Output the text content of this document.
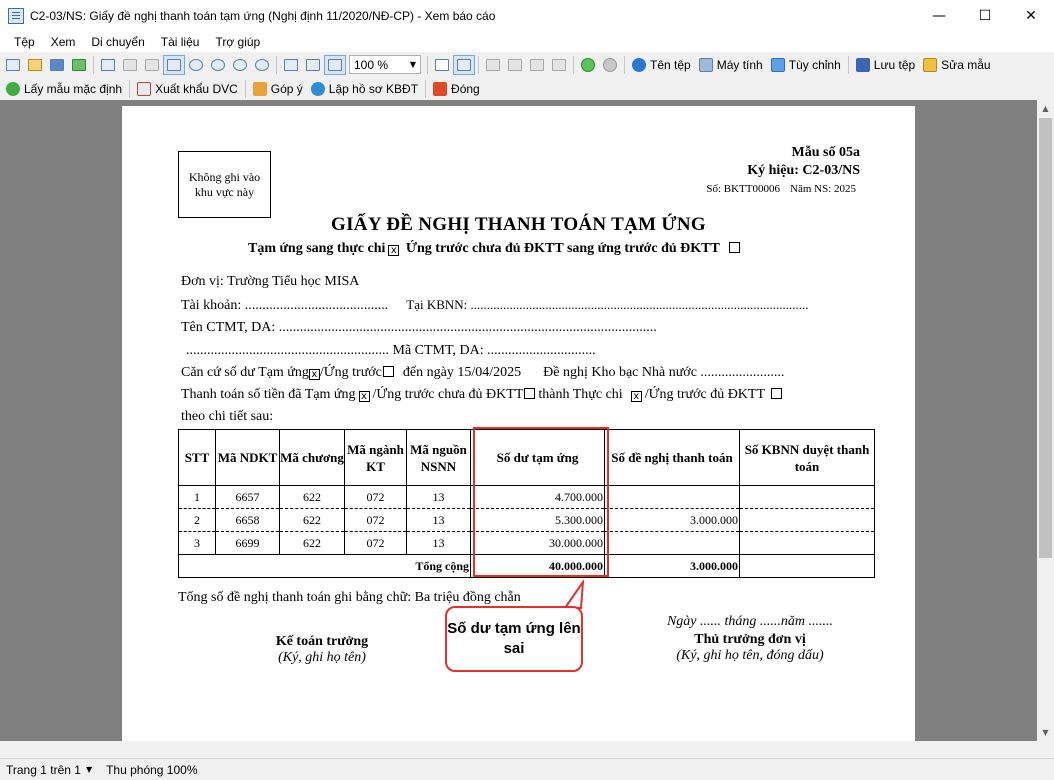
C2-03/NS: Giấy đề nghị thanh toán tạm ứng (Nghị định 11/2020/NĐ-CP) - Xem báo cáo	—	☐	✕
Tệp	Xem	Di chuyển	Tài liệu	Trợ giúp
100 %	▼	Tên tệp Máy tính Tùy chỉnh	Lưu tệp Sửa mẫu
Lấy mẫu mặc định	Xuất khẩu DVC	Góp ý Lập hồ sơ KBĐT	Đóng
Không ghi vào khu vực này
Mẫu số 05a
Ký hiệu: C2-03/NS
Số: BKTT00006 Năm NS: 2025
GIẤY ĐỀ NGHỊ THANH TOÁN TẠM ỨNG
Tạm ứng sang thực chi x Ứng trước chưa đủ ĐKTT sang ứng trước đủ ĐKTT
Đơn vị: Trường Tiểu học MISA
Tài khoản: ......................................... Tại KBNN: ........................................................................................................
Tên CTMT, DA: ............................................................................................................
.......................................................... Mã CTMT, DA: ...............................
Căn cứ số dư Tạm ứng x /Ứng trước đến ngày 15/04/2025 Đề nghị Kho bạc Nhà nước ........................
Thanh toán số tiền đã Tạm ứng x /Ứng trước chưa đủ ĐKTT thành Thực chi x /Ứng trước đủ ĐKTT
theo chi tiết sau:
STT	Mã NDKT	Mã chương	Mã ngành KT	Mã nguồn NSNN	Số dư tạm ứng	Số đề nghị thanh toán	Số KBNN duyệt thanh toán
1	6657	622	072	13	4.700.000		
2	6658	622	072	13	5.300.000	3.000.000	
3	6699	622	072	13	30.000.000		
Tổng cộng					40.000.000	3.000.000	
Tổng số đề nghị thanh toán ghi bằng chữ: Ba triệu đồng chẵn
Ngày ...... tháng ......năm .......
Thủ trưởng đơn vị
(Ký, ghi họ tên, đóng dấu)
Kế toán trưởng
(Ký, ghi họ tên)
Số dư tạm ứng lên sai
▲
▼
Trang 1 trên 1 ▼ Thu phóng 100%
